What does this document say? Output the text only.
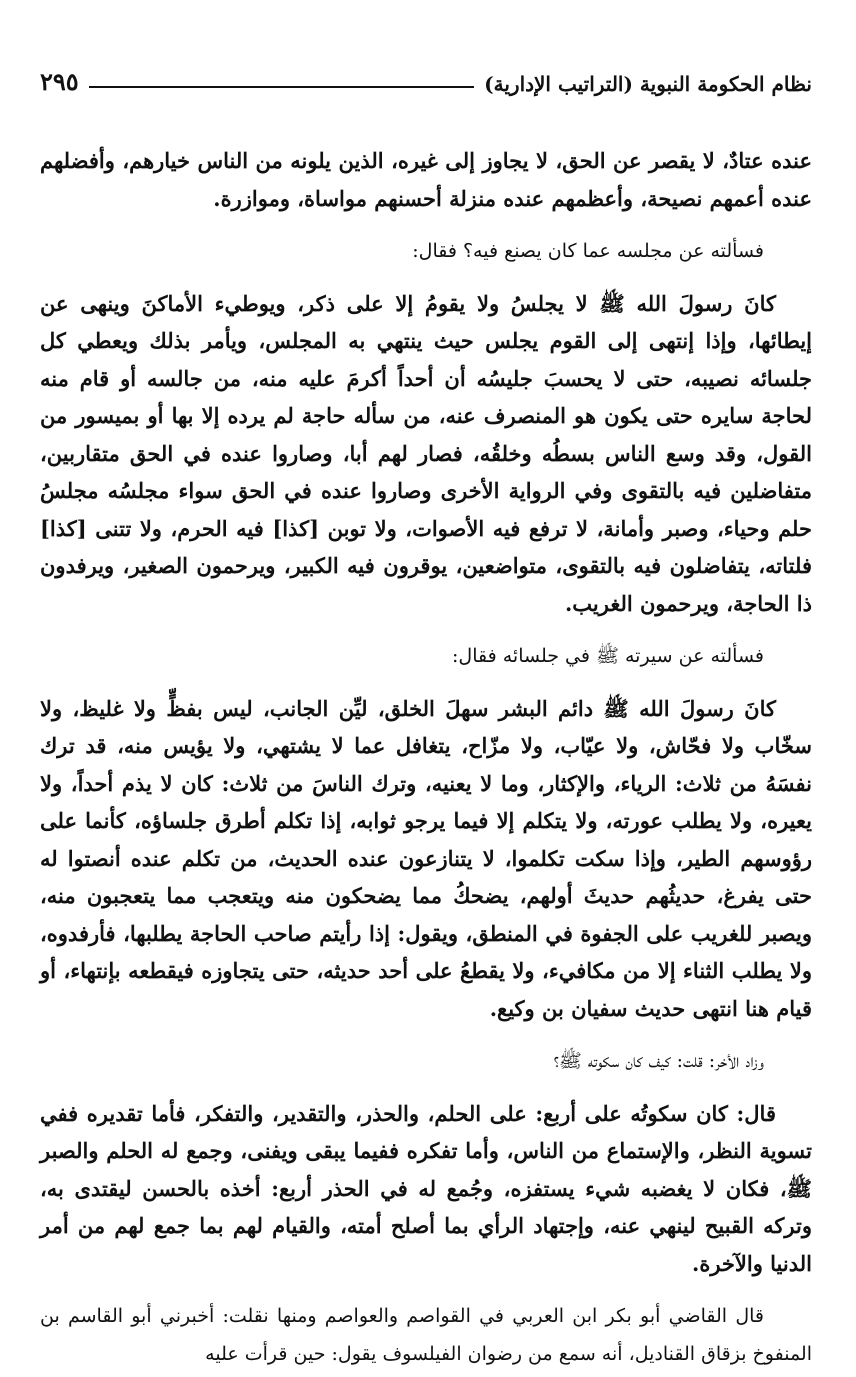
نظام الحكومة النبوية (التراتيب الإدارية)
٢٩٥

عنده عتادٌ، لا يقصر عن الحق، لا يجاوز إلى غيره، الذين يلونه من الناس خيارهم، وأفضلهم عنده أعمهم نصيحة، وأعظمهم عنده منزلة أحسنهم مواساة، وموازرة.

فسألته عن مجلسه عما كان يصنع فيه؟ فقال:

كانَ رسولَ الله ﷺ لا يجلسُ ولا يقومُ إلا على ذكر، ويوطيء الأماكنَ وينهى عن إيطائها، وإذا إنتهى إلى القوم يجلس حيث ينتهي به المجلس، ويأمر بذلك ويعطي كل جلسائه نصيبه، حتى لا يحسبَ جليسُه أن أحداً أكرمَ عليه منه، من جالسه أو قام منه لحاجة سايره حتى يكون هو المنصرف عنه، من سأله حاجة لم يرده إلا بها أو بميسور من القول، وقد وسع الناس بسطُه وخلقُه، فصار لهم أبا، وصاروا عنده في الحق متقاربين، متفاضلين فيه بالتقوى وفي الرواية الأخرى وصاروا عنده في الحق سواء مجلسُه مجلسُ حلم وحياء، وصبر وأمانة، لا ترفع فيه الأصوات، ولا توبن [كذا] فيه الحرم، ولا تتنى [كذا] فلتاته، يتفاضلون فيه بالتقوى، متواضعين، يوقرون فيه الكبير، ويرحمون الصغير، ويرفدون ذا الحاجة، ويرحمون الغريب.

فسألته عن سيرته ﷺ في جلسائه فقال:

كانَ رسولَ الله ﷺ دائم البشر سهلَ الخلق، ليِّن الجانب، ليس بفظٍّ ولا غليظ، ولا سخّاب ولا فحّاش، ولا عيّاب، ولا مزّاح، يتغافل عما لا يشتهي، ولا يؤيس منه، قد ترك نفسَهُ من ثلاث: الرياء، والإكثار، وما لا يعنيه، وترك الناسَ من ثلاث: كان لا يذم أحداً، ولا يعيره، ولا يطلب عورته، ولا يتكلم إلا فيما يرجو ثوابه، إذا تكلم أطرق جلساؤه، كأنما على رؤوسهم الطير، وإذا سكت تكلموا، لا يتنازعون عنده الحديث، من تكلم عنده أنصتوا له حتى يفرغ، حديثُهم حديثَ أولهم، يضحكُ مما يضحكون منه ويتعجب مما يتعجبون منه، ويصبر للغريب على الجفوة في المنطق، ويقول: إذا رأيتم صاحب الحاجة يطلبها، فأرفدوه، ولا يطلب الثناء إلا من مكافيء، ولا يقطعُ على أحد حديثه، حتى يتجاوزه فيقطعه بإنتهاء، أو قيام هنا انتهى حديث سفيان بن وكيع.

وزاد الأخر: قلت: كيف كان سكوته ﷺ؟

قال: كان سكوتُه على أربع: على الحلم، والحذر، والتقدير، والتفكر، فأما تقديره ففي تسوية النظر، والإستماع من الناس، وأما تفكره ففيما يبقى ويفنى، وجمع له الحلم والصبر ﷺ، فكان لا يغضبه شيء يستفزه، وجُمع له في الحذر أربع: أخذه بالحسن ليقتدى به، وتركه القبيح لينهي عنه، وإجتهاد الرأي بما أصلح أمته، والقيام لهم بما جمع لهم من أمر الدنيا والآخرة.

قال القاضي أبو بكر ابن العربي في القواصم والعواصم ومنها نقلت: أخبرني أبو القاسم بن المنفوخ بزقاق القناديل، أنه سمع من رضوان الفيلسوف يقول: حين قرأت عليه
